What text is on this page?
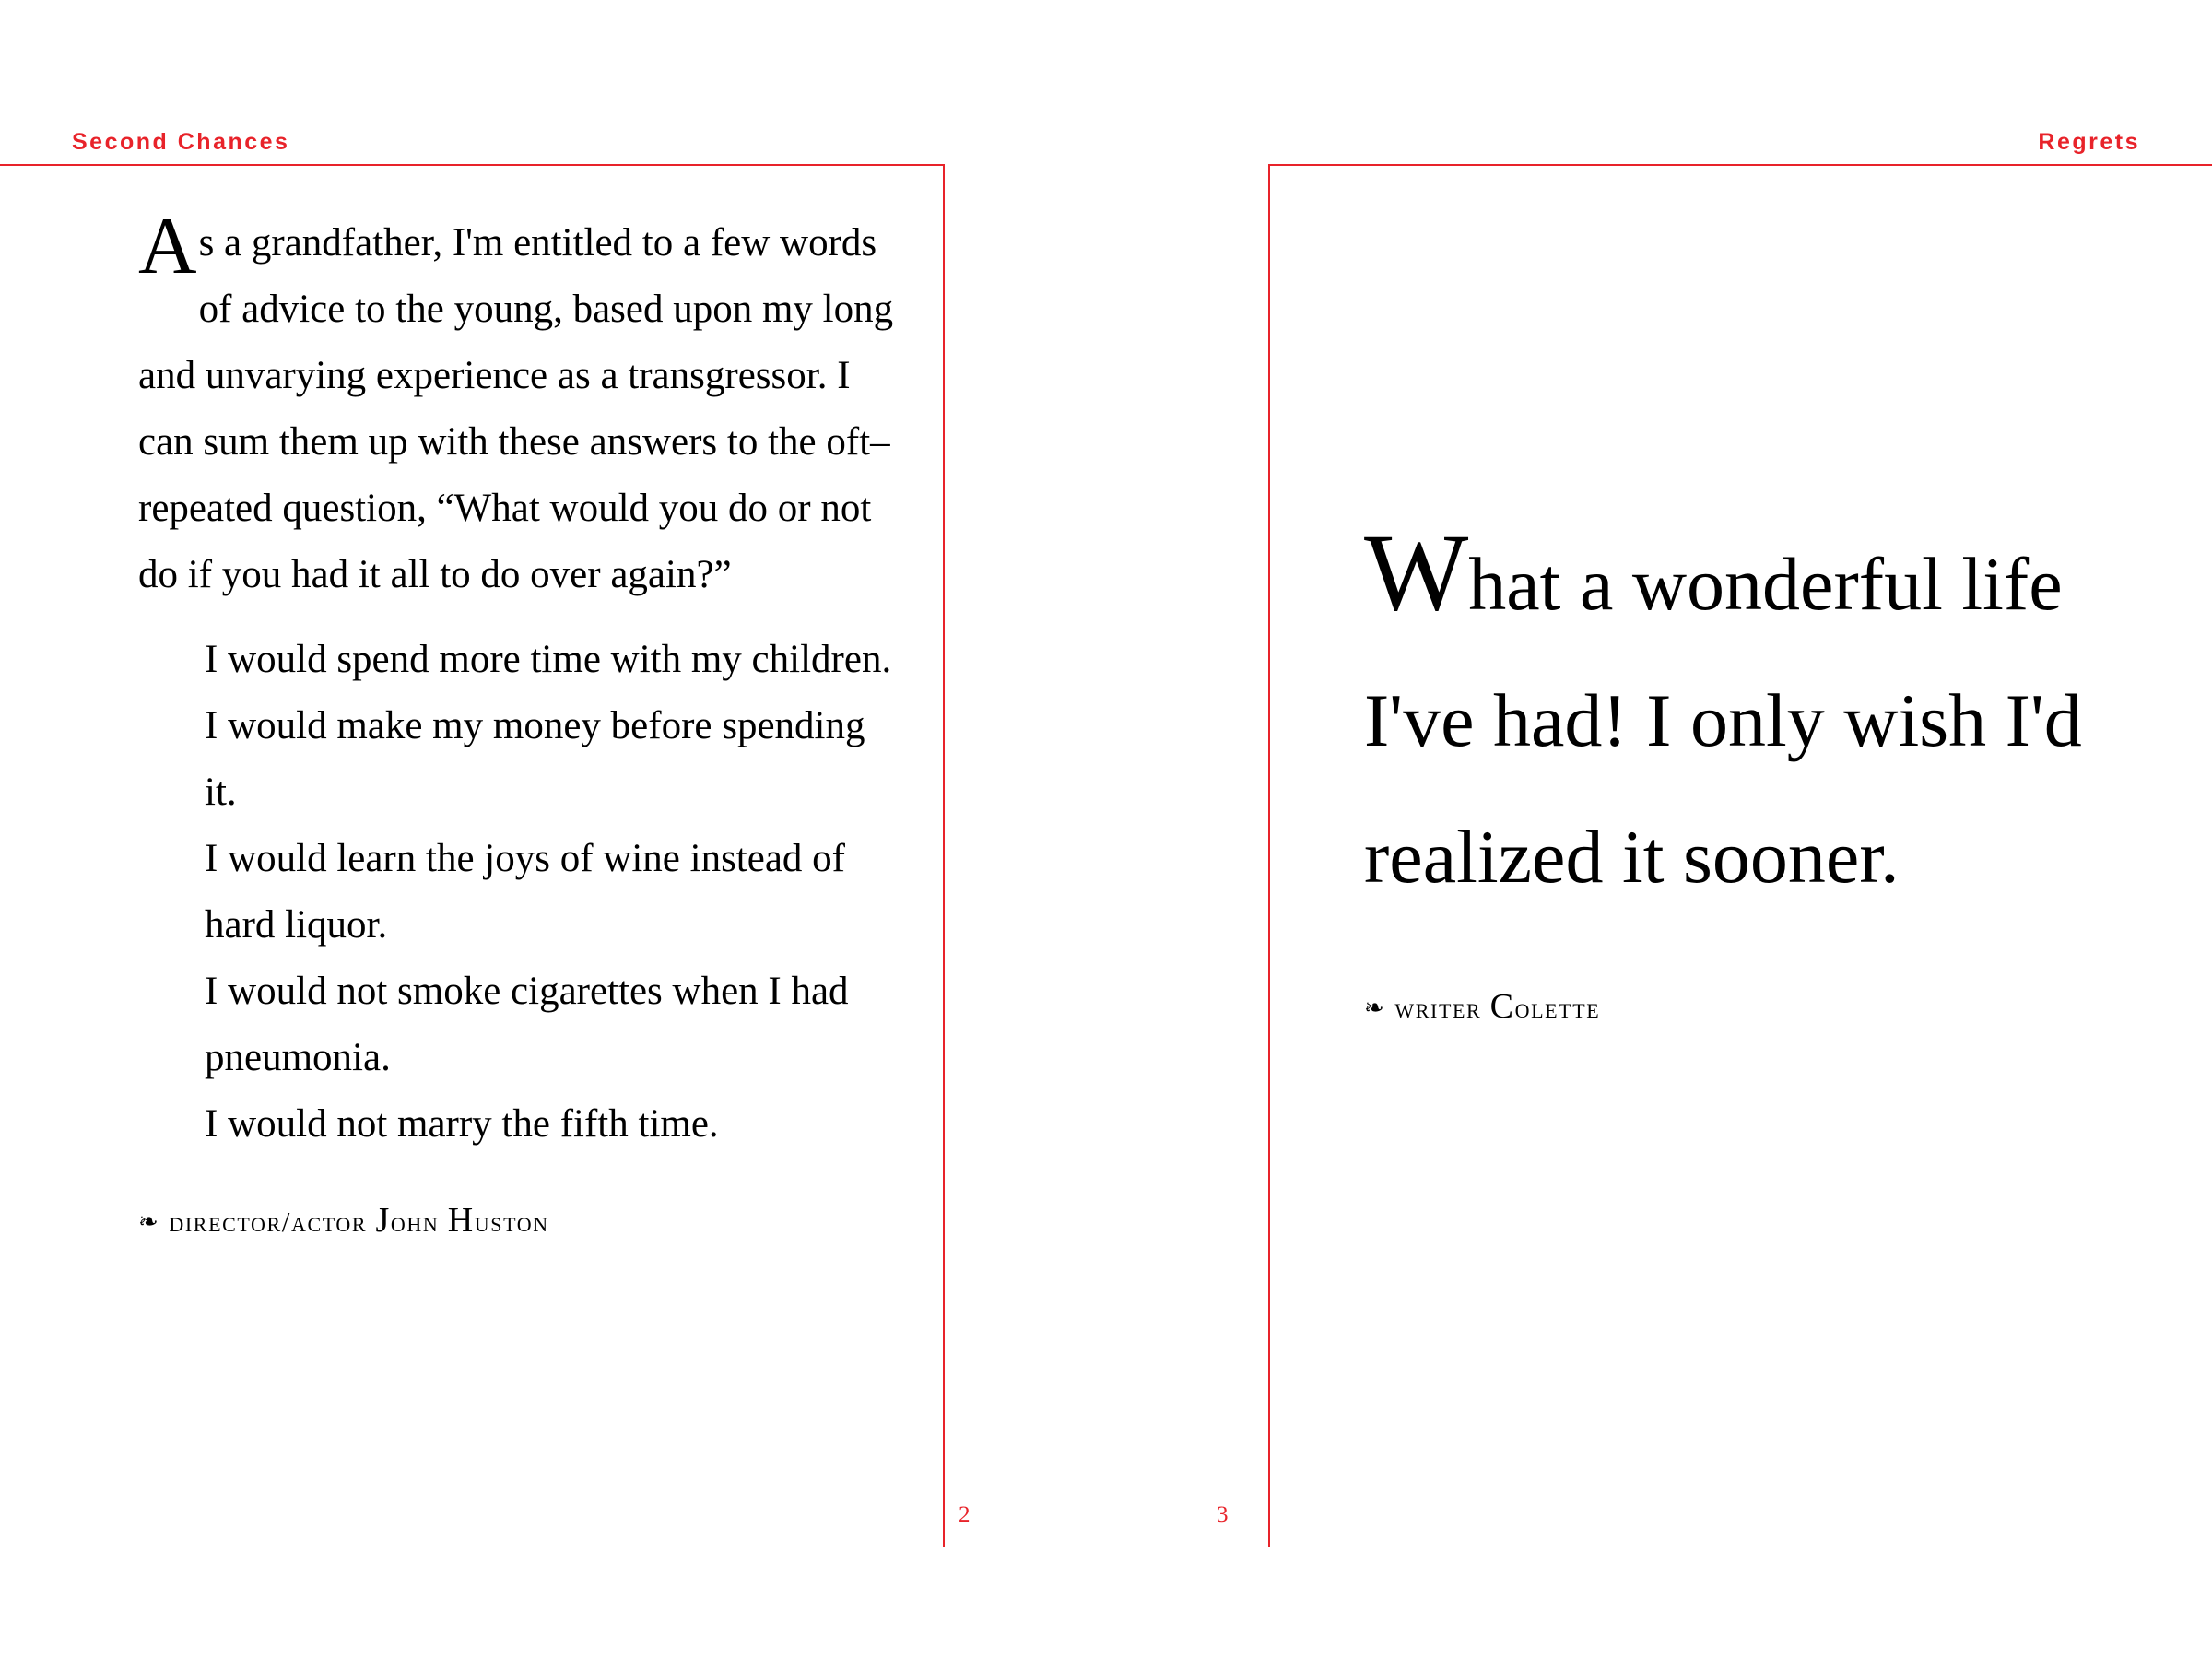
Second Chances

As a grandfather, I'm entitled to a few words of advice to the young, based upon my long and unvarying experience as a transgressor. I can sum them up with these answers to the oft–repeated question, “What would you do or not do if you had it all to do over again?”

I would spend more time with my children.
I would make my money before spending it.
I would learn the joys of wine instead of hard liquor.
I would not smoke cigarettes when I had pneumonia.
I would not marry the fifth time.
❧ director/actor John Huston
2
Regrets

What a wonderful life I've had! I only wish I'd realized it sooner.

❧ writer Colette
3
